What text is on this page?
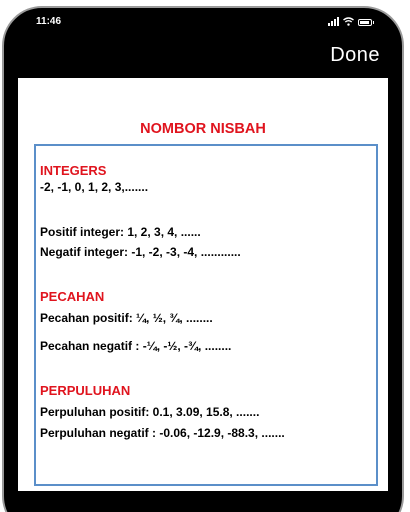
11:46
Done
NOMBOR NISBAH

INTEGERS

-2, -1, 0, 1, 2, 3,.......

Positif integer: 1, 2, 3, 4, ......

Negatif integer: -1, -2, -3, -4, ............

PECAHAN

Pecahan positif: ¼, ½, ¾, ........

Pecahan negatif : -¼, -½, -¾, ........

PERPULUHAN

Perpuluhan positif: 0.1, 3.09, 15.8, .......

Perpuluhan negatif : -0.06, -12.9, -88.3, .......
